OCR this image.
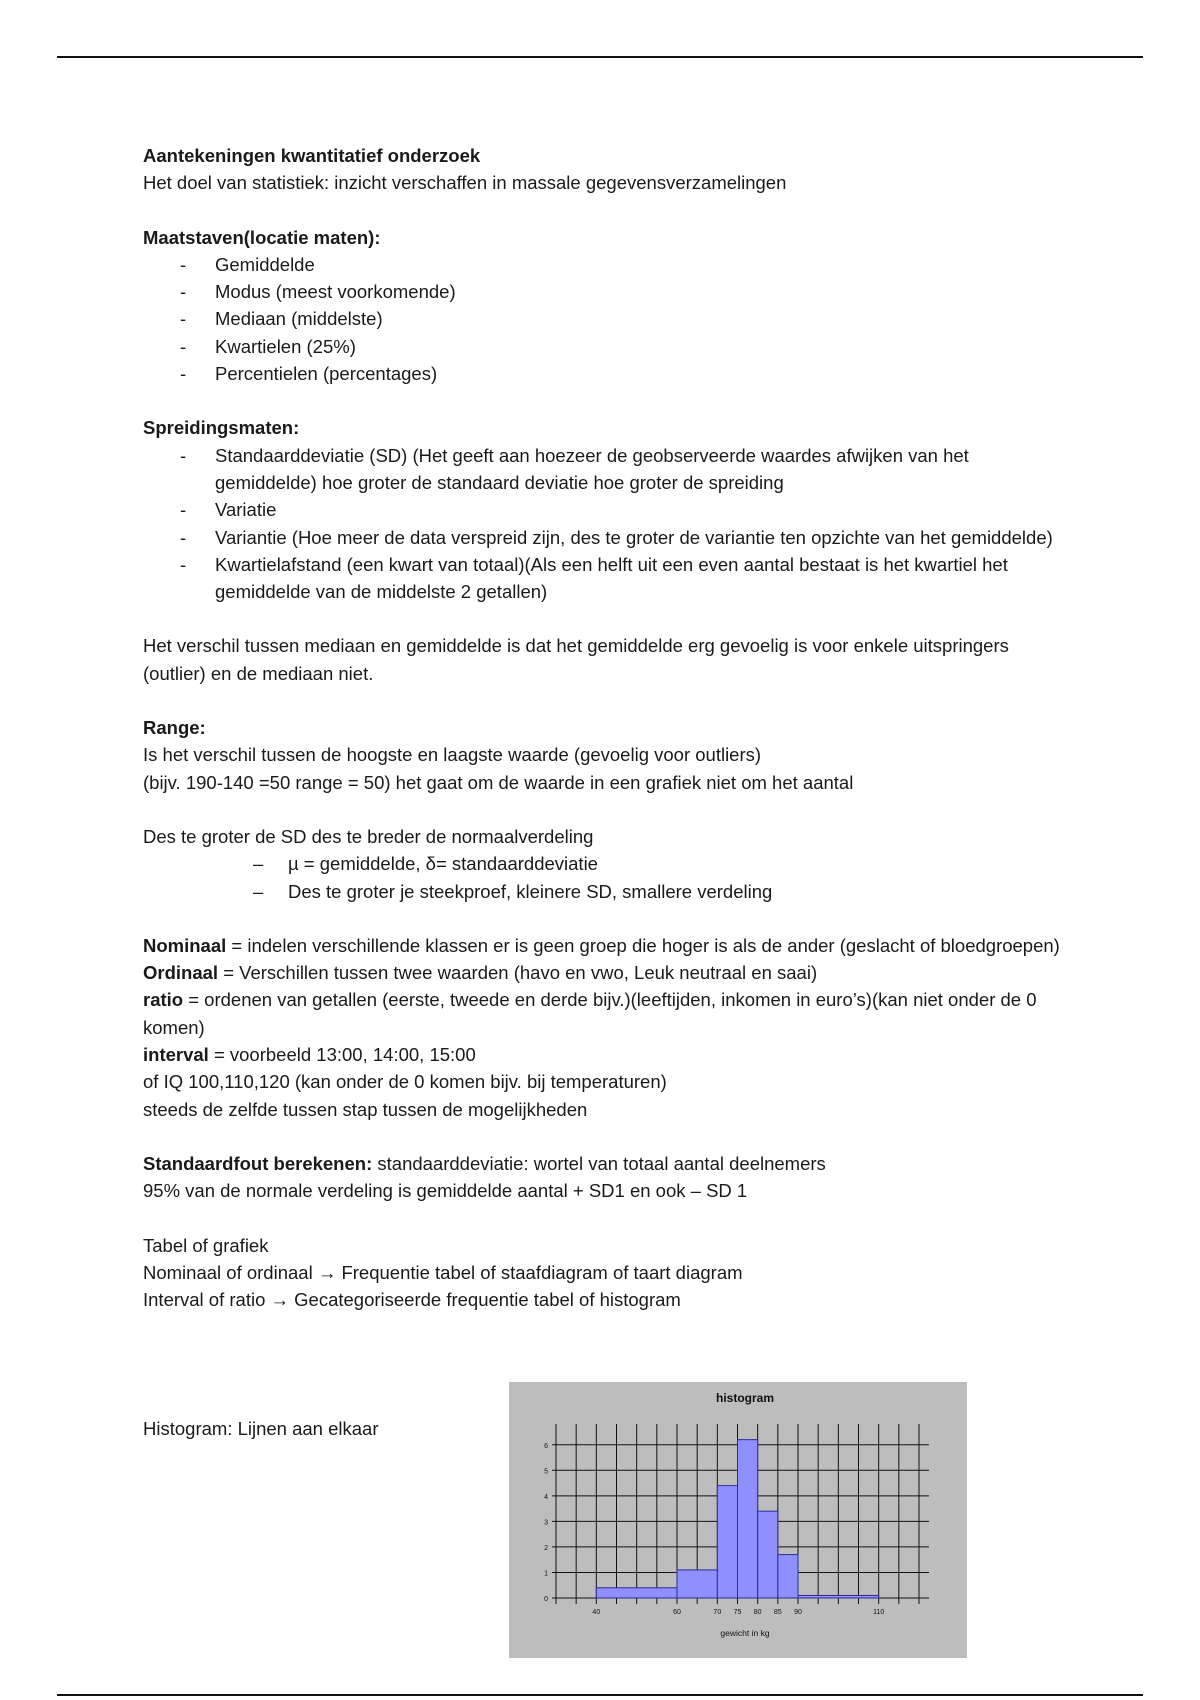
Aantekeningen kwantitatief onderzoek

Het doel van statistiek: inzicht verschaffen in massale gegevensverzamelingen

Maatstaven(locatie maten):

- Gemiddelde
- Modus (meest voorkomende)
- Mediaan (middelste)
- Kwartielen (25%)
- Percentielen (percentages)

Spreidingsmaten:

- Standaarddeviatie (SD) (Het geeft aan hoezeer de geobserveerde waardes afwijken van het gemiddelde) hoe groter de standaard deviatie hoe groter de spreiding
- Variatie
- Variantie (Hoe meer de data verspreid zijn, des te groter de variantie ten opzichte van het gemiddelde)
- Kwartielafstand (een kwart van totaal)(Als een helft uit een even aantal bestaat is het kwartiel het gemiddelde van de middelste 2 getallen)

Het verschil tussen mediaan en gemiddelde is dat het gemiddelde erg gevoelig is voor enkele uitspringers (outlier) en de mediaan niet.

Range:

Is het verschil tussen de hoogste en laagste waarde (gevoelig voor outliers)

(bijv. 190-140 =50 range = 50) het gaat om de waarde in een grafiek niet om het aantal

Des te groter de SD des te breder de normaalverdeling

– µ = gemiddelde, δ= standaarddeviatie
– Des te groter je steekproef, kleinere SD, smallere verdeling

Nominaal = indelen verschillende klassen er is geen groep die hoger is als de ander (geslacht of bloedgroepen)

Ordinaal = Verschillen tussen twee waarden (havo en vwo, Leuk neutraal en saai)

ratio = ordenen van getallen (eerste, tweede en derde bijv.)(leeftijden, inkomen in euro’s)(kan niet onder de 0 komen)

interval = voorbeeld 13:00, 14:00, 15:00

of IQ 100,110,120 (kan onder de 0 komen bijv. bij temperaturen)

steeds de zelfde tussen stap tussen de mogelijkheden

Standaardfout berekenen: standaarddeviatie: wortel van totaal aantal deelnemers

95% van de normale verdeling is gemiddelde aantal + SD1 en ook – SD 1

Tabel of grafiek

Nominaal of ordinaal → Frequentie tabel of staafdiagram of taart diagram

Interval of ratio → Gecategoriseerde frequentie tabel of histogram

Histogram: Lijnen aan elkaar
histogram
gewicht in kg
0
1
2
3
4
5
6
40	60	70 75 80 85 90	110
